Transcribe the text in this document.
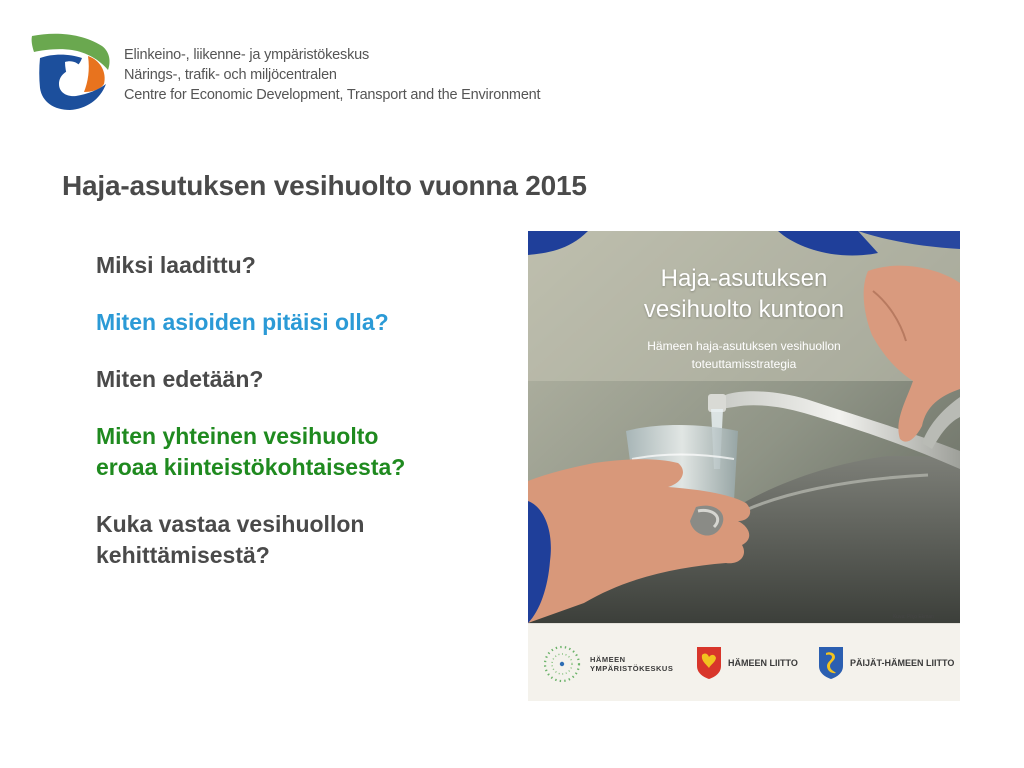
Elinkeino-, liikenne- ja ympäristökeskus
Närings-, trafik- och miljöcentralen
Centre for Economic Development, Transport and the Environment
Haja-asutuksen vesihuolto vuonna 2015
Miksi laadittu?
Miten asioiden pitäisi olla?
Miten edetään?
Miten yhteinen vesihuolto
eroaa kiinteistökohtaisesta?
Kuka vastaa vesihuollon
kehittämisestä?
Haja-asutuksen
vesihuolto kuntoon
Hämeen haja-asutuksen vesihuollon
toteuttamisstrategia
Kuva: Pirjo Ekman
HÄMEEN
YMPÄRISTÖKESKUS
HÄMEEN LIITTO	PÄIJÄT-HÄMEEN LIITTO
